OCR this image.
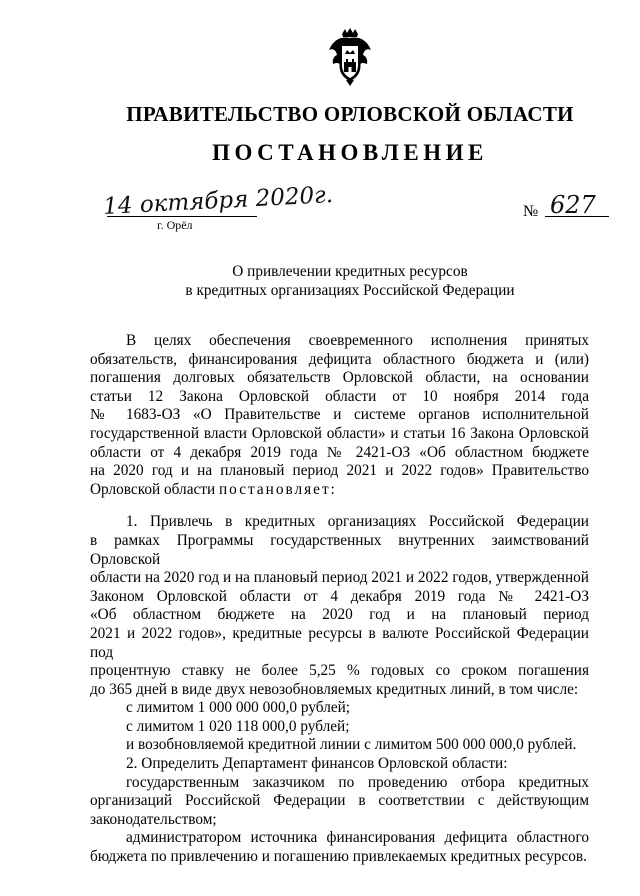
ПРАВИТЕЛЬСТВО ОРЛОВСКОЙ ОБЛАСТИ
ПОСТАНОВЛЕНИЕ
14 октября 2020г.
г. Орёл
№ 627
О привлечении кредитных ресурсов
в кредитных организациях Российской Федерации

В целях обеспечения своевременного исполнения принятых

обязательств, финансирования дефицита областного бюджета и (или)

погашения долговых обязательств Орловской области, на основании

статьи 12 Закона Орловской области от 10 ноября 2014 года

№ 1683-ОЗ «О Правительстве и системе органов исполнительной

государственной власти Орловской области» и статьи 16 Закона Орловской

области от 4 декабря 2019 года № 2421-ОЗ «Об областном бюджете

на 2020 год и на плановый период 2021 и 2022 годов» Правительство

Орловской области постановляет:

1. Привлечь в кредитных организациях Российской Федерации

в рамках Программы государственных внутренних заимствований Орловской

области на 2020 год и на плановый период 2021 и 2022 годов, утвержденной

Законом Орловской области от 4 декабря 2019 года № 2421-ОЗ

«Об областном бюджете на 2020 год и на плановый период

2021 и 2022 годов», кредитные ресурсы в валюте Российской Федерации под

процентную ставку не более 5,25 % годовых со сроком погашения

до 365 дней в виде двух невозобновляемых кредитных линий, в том числе:

с лимитом 1 000 000 000,0 рублей;

с лимитом 1 020 118 000,0 рублей;

и возобновляемой кредитной линии с лимитом 500 000 000,0 рублей.

2. Определить Департамент финансов Орловской области:

государственным заказчиком по проведению отбора кредитных

организаций Российской Федерации в соответствии с действующим

законодательством;

администратором источника финансирования дефицита областного

бюджета по привлечению и погашению привлекаемых кредитных ресурсов.
